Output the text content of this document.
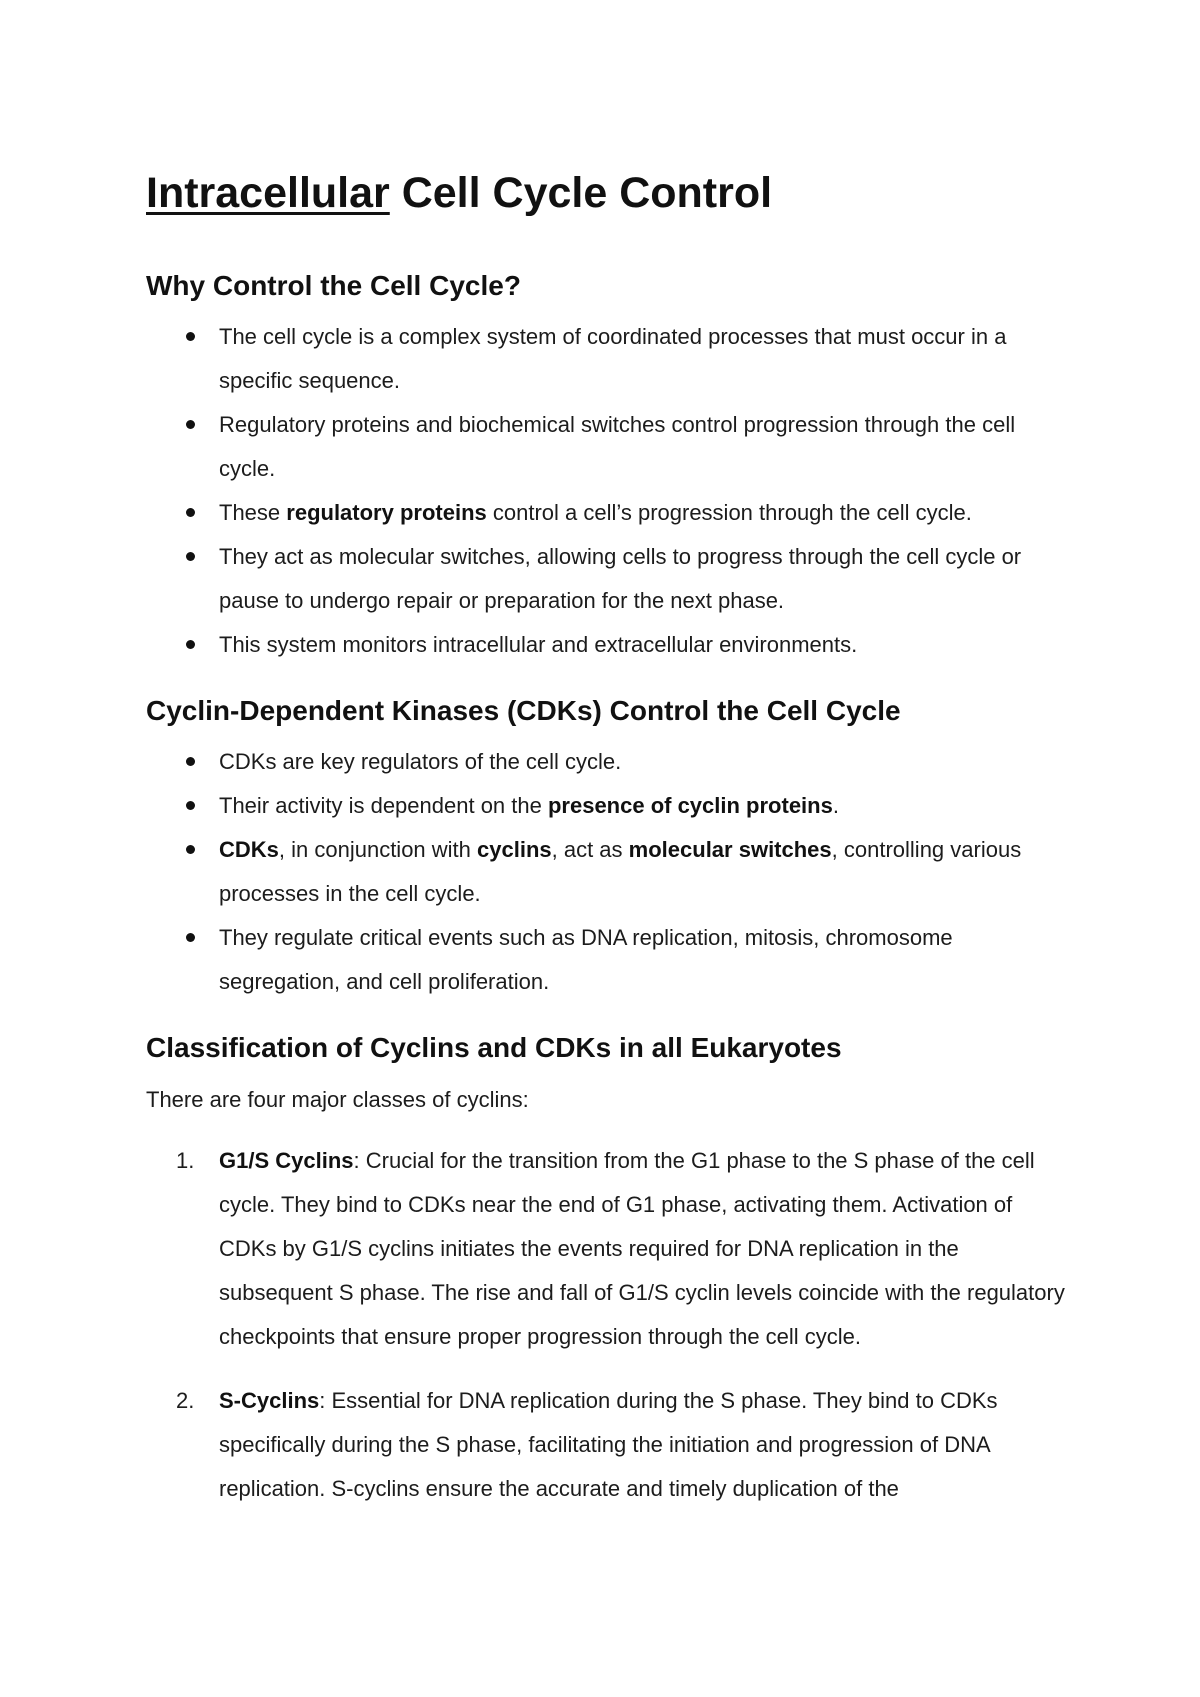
Intracellular Cell Cycle Control
Why Control the Cell Cycle?
The cell cycle is a complex system of coordinated processes that must occur in a specific sequence.
Regulatory proteins and biochemical switches control progression through the cell cycle.
These regulatory proteins control a cell’s progression through the cell cycle.
They act as molecular switches, allowing cells to progress through the cell cycle or pause to undergo repair or preparation for the next phase.
This system monitors intracellular and extracellular environments.
Cyclin-Dependent Kinases (CDKs) Control the Cell Cycle
CDKs are key regulators of the cell cycle.
Their activity is dependent on the presence of cyclin proteins.
CDKs, in conjunction with cyclins, act as molecular switches, controlling various processes in the cell cycle.
They regulate critical events such as DNA replication, mitosis, chromosome segregation, and cell proliferation.
Classification of Cyclins and CDKs in all Eukaryotes

There are four major classes of cyclins:

1. G1/S Cyclins: Crucial for the transition from the G1 phase to the S phase of the cell cycle. They bind to CDKs near the end of G1 phase, activating them. Activation of CDKs by G1/S cyclins initiates the events required for DNA replication in the subsequent S phase. The rise and fall of G1/S cyclin levels coincide with the regulatory checkpoints that ensure proper progression through the cell cycle.
2. S-Cyclins: Essential for DNA replication during the S phase. They bind to CDKs specifically during the S phase, facilitating the initiation and progression of DNA replication. S-cyclins ensure the accurate and timely duplication of the
